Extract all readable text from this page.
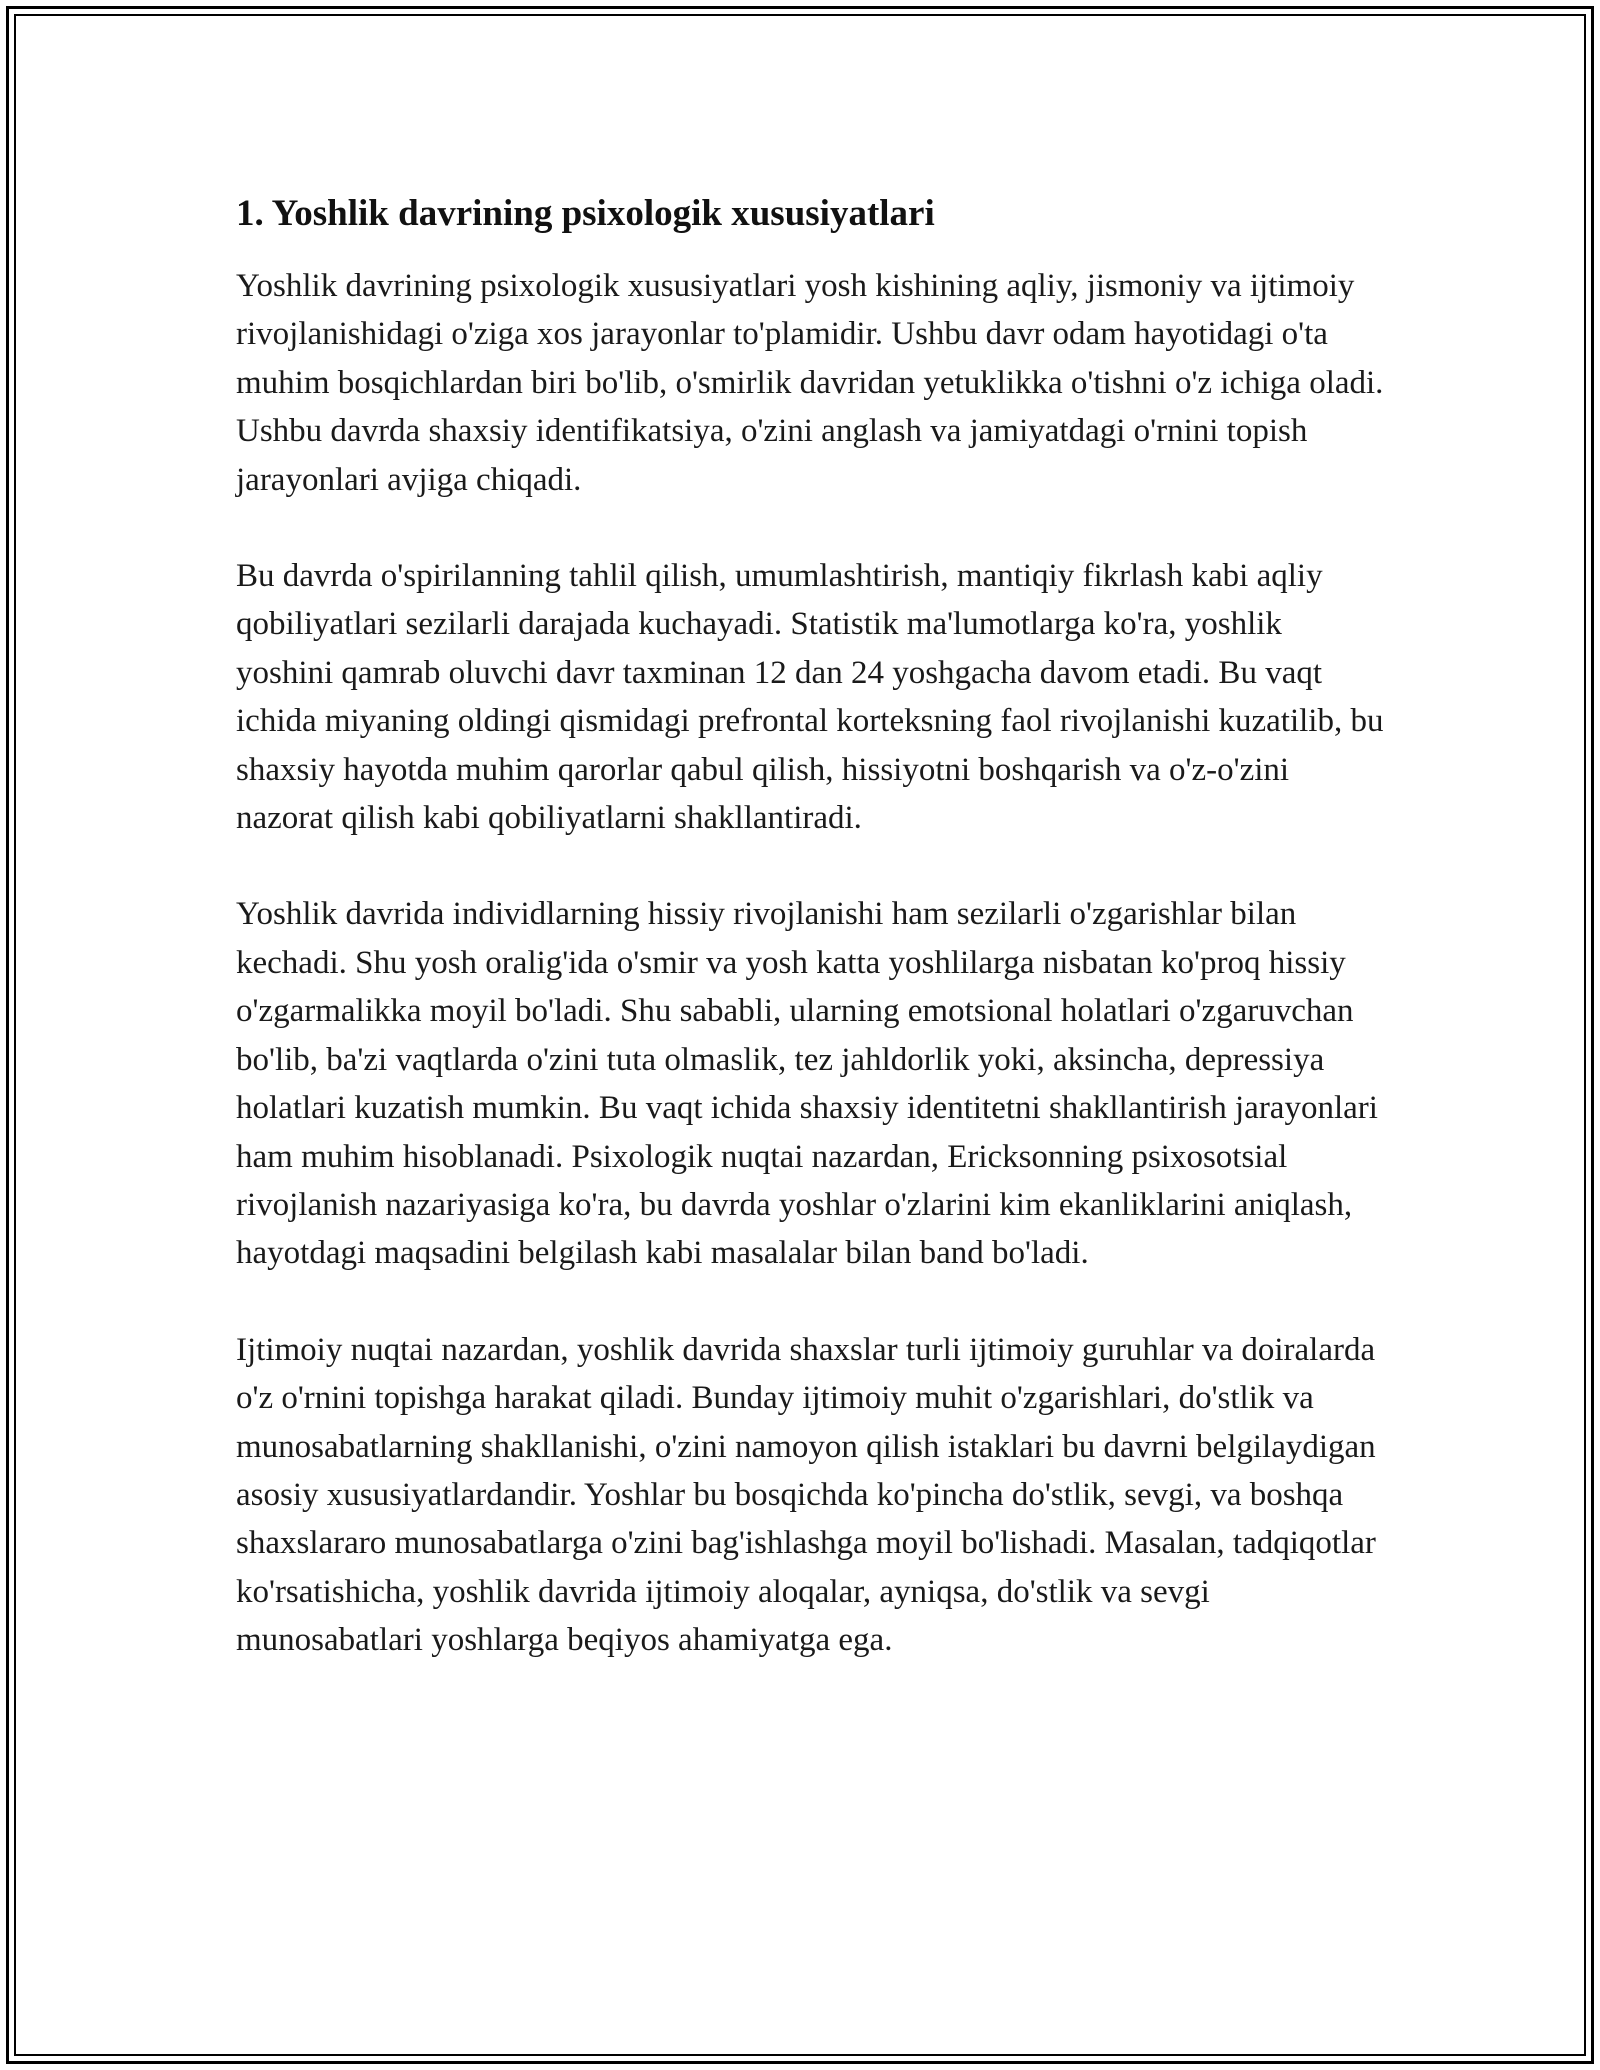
1. Yoshlik davrining psixologik xususiyatlari

Yoshlik davrining psixologik xususiyatlari yosh kishining aqliy, jismoniy va ijtimoiy rivojlanishidagi o'ziga xos jarayonlar to'plamidir. Ushbu davr odam hayotidagi o'ta muhim bosqichlardan biri bo'lib, o'smirlik davridan yetuklikka o'tishni o'z ichiga oladi. Ushbu davrda shaxsiy identifikatsiya, o'zini anglash va jamiyatdagi o'rnini topish jarayonlari avjiga chiqadi.

Bu davrda o'spirilanning tahlil qilish, umumlashtirish, mantiqiy fikrlash kabi aqliy qobiliyatlari sezilarli darajada kuchayadi. Statistik ma'lumotlarga ko'ra, yoshlik yoshini qamrab oluvchi davr taxminan 12 dan 24 yoshgacha davom etadi. Bu vaqt ichida miyaning oldingi qismidagi prefrontal korteksning faol rivojlanishi kuzatilib, bu shaxsiy hayotda muhim qarorlar qabul qilish, hissiyotni boshqarish va o'z-o'zini nazorat qilish kabi qobiliyatlarni shakllantiradi.

Yoshlik davrida individlarning hissiy rivojlanishi ham sezilarli o'zgarishlar bilan kechadi. Shu yosh oralig'ida o'smir va yosh katta yoshlilarga nisbatan ko'proq hissiy o'zgarmalikka moyil bo'ladi. Shu sababli, ularning emotsional holatlari o'zgaruvchan bo'lib, ba'zi vaqtlarda o'zini tuta olmaslik, tez jahldorlik yoki, aksincha, depressiya holatlari kuzatish mumkin. Bu vaqt ichida shaxsiy identitetni shakllantirish jarayonlari ham muhim hisoblanadi. Psixologik nuqtai nazardan, Ericksonning psixosotsial rivojlanish nazariyasiga ko'ra, bu davrda yoshlar o'zlarini kim ekanliklarini aniqlash, hayotdagi maqsadini belgilash kabi masalalar bilan band bo'ladi.

Ijtimoiy nuqtai nazardan, yoshlik davrida shaxslar turli ijtimoiy guruhlar va doiralarda o'z o'rnini topishga harakat qiladi. Bunday ijtimoiy muhit o'zgarishlari, do'stlik va munosabatlarning shakllanishi, o'zini namoyon qilish istaklari bu davrni belgilaydigan asosiy xususiyatlardandir. Yoshlar bu bosqichda ko'pincha do'stlik, sevgi, va boshqa shaxslararo munosabatlarga o'zini bag'ishlashga moyil bo'lishadi. Masalan, tadqiqotlar ko'rsatishicha, yoshlik davrida ijtimoiy aloqalar, ayniqsa, do'stlik va sevgi munosabatlari yoshlarga beqiyos ahamiyatga ega.
